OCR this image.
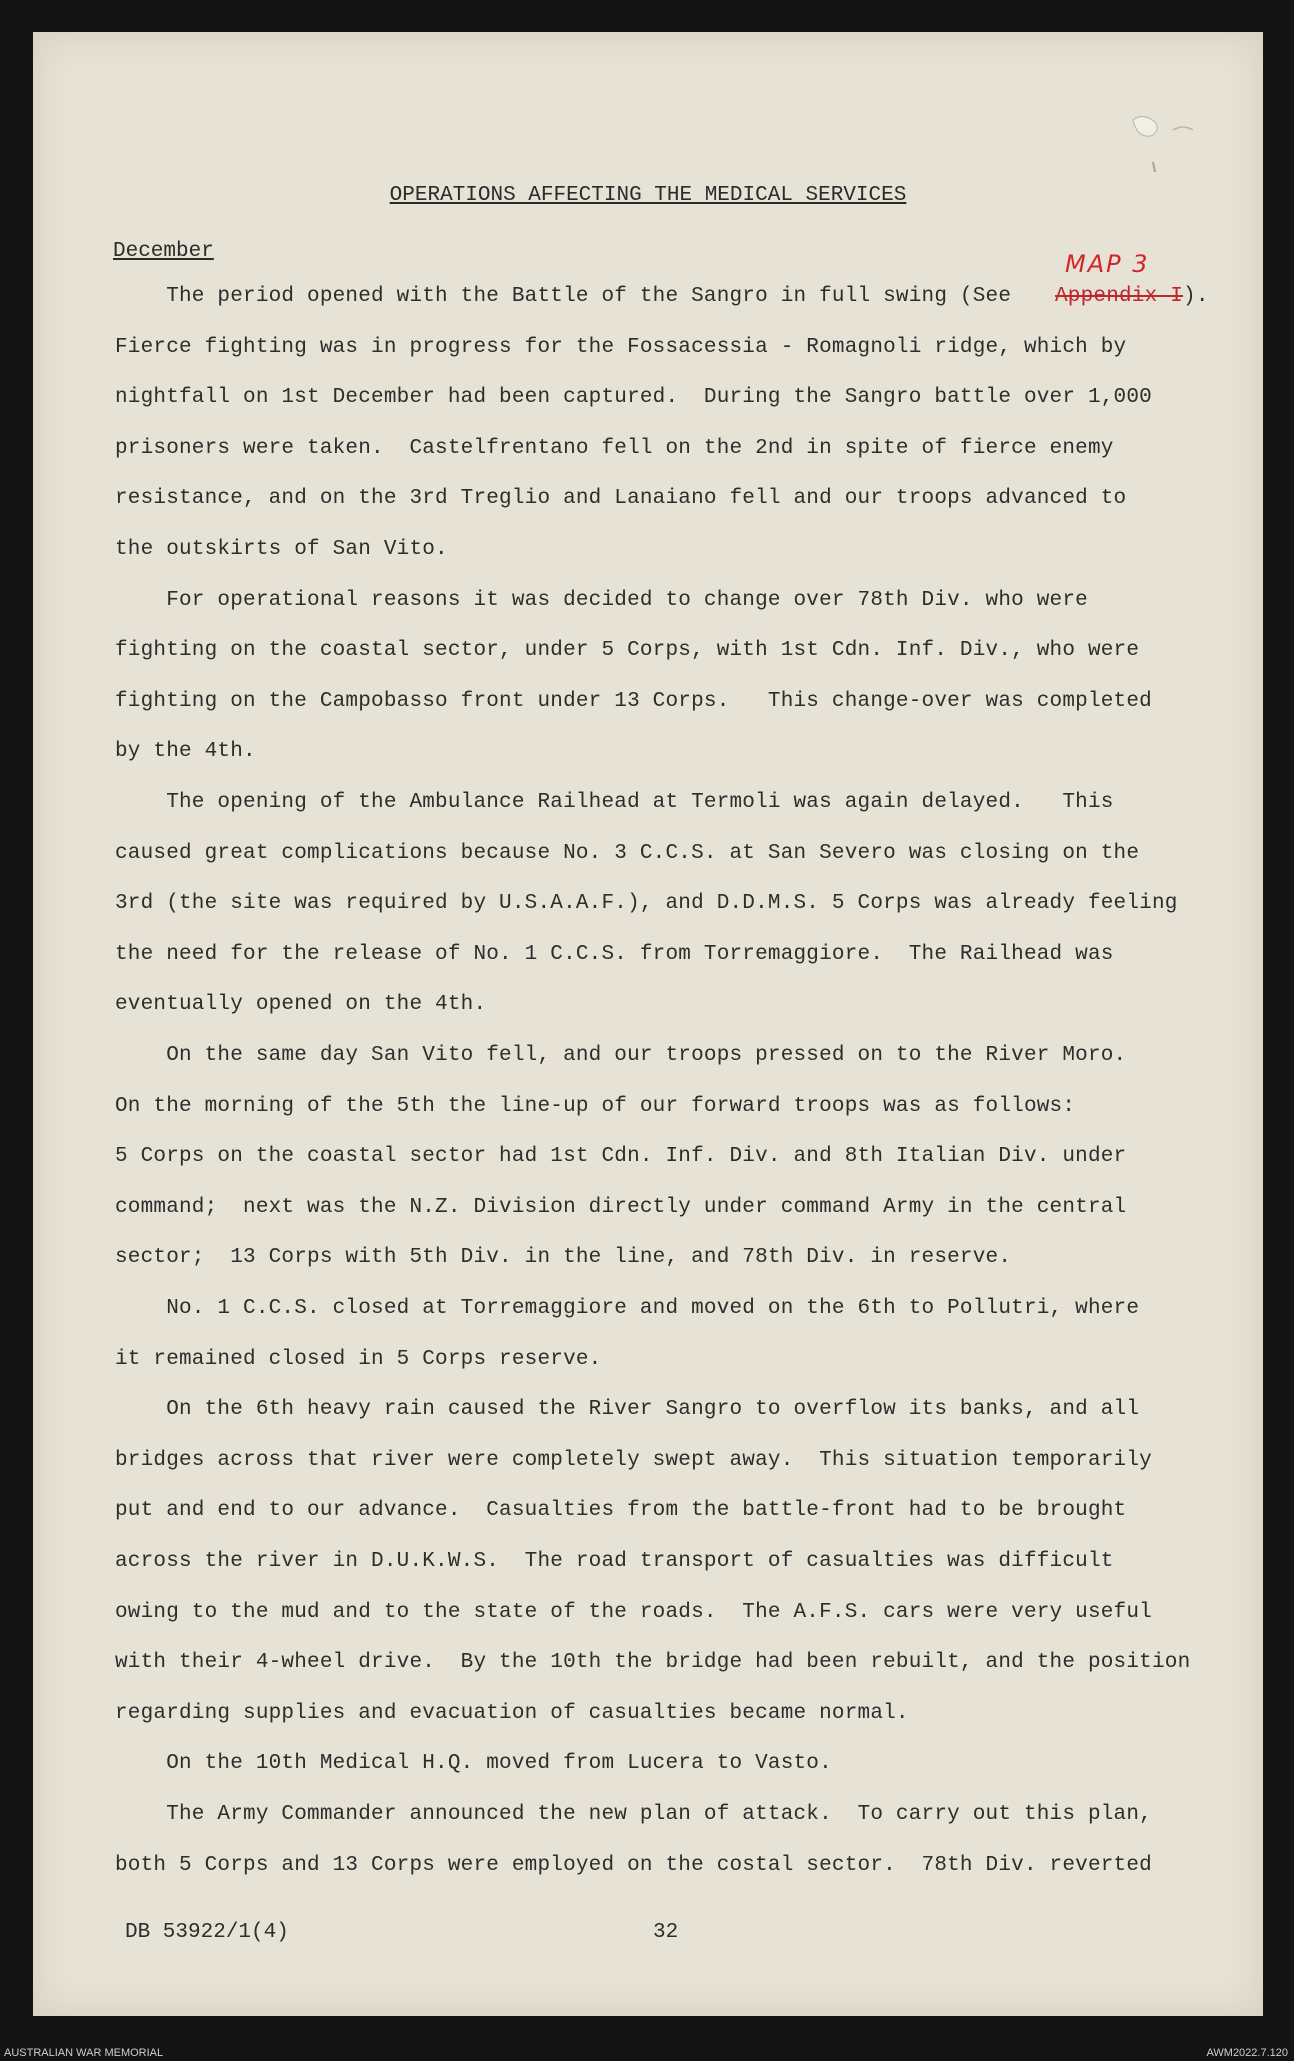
OPERATIONS AFFECTING THE MEDICAL SERVICES
December	MAP 3
The period opened with the Battle of the Sangro in full swing (See Appendix I).
Fierce fighting was in progress for the Fossacessia - Romagnoli ridge, which by
nightfall on 1st December had been captured.  During the Sangro battle over 1,000
prisoners were taken.  Castelfrentano fell on the 2nd in spite of fierce enemy
resistance, and on the 3rd Treglio and Lanaiano fell and our troops advanced to
the outskirts of San Vito.
For operational reasons it was decided to change over 78th Div. who were
fighting on the coastal sector, under 5 Corps, with 1st Cdn. Inf. Div., who were
fighting on the Campobasso front under 13 Corps.   This change-over was completed
by the 4th.
The opening of the Ambulance Railhead at Termoli was again delayed.   This
caused great complications because No. 3 C.C.S. at San Severo was closing on the
3rd (the site was required by U.S.A.A.F.), and D.D.M.S. 5 Corps was already feeling
the need for the release of No. 1 C.C.S. from Torremaggiore.  The Railhead was
eventually opened on the 4th.
On the same day San Vito fell, and our troops pressed on to the River Moro.
On the morning of the 5th the line-up of our forward troops was as follows:
5 Corps on the coastal sector had 1st Cdn. Inf. Div. and 8th Italian Div. under
command;  next was the N.Z. Division directly under command Army in the central
sector;  13 Corps with 5th Div. in the line, and 78th Div. in reserve.
No. 1 C.C.S. closed at Torremaggiore and moved on the 6th to Pollutri, where
it remained closed in 5 Corps reserve.
On the 6th heavy rain caused the River Sangro to overflow its banks, and all
bridges across that river were completely swept away.  This situation temporarily
put and end to our advance.  Casualties from the battle-front had to be brought
across the river in D.U.K.W.S.  The road transport of casualties was difficult
owing to the mud and to the state of the roads.  The A.F.S. cars were very useful
with their 4-wheel drive.  By the 10th the bridge had been rebuilt, and the position
regarding supplies and evacuation of casualties became normal.
On the 10th Medical H.Q. moved from Lucera to Vasto.
The Army Commander announced the new plan of attack.  To carry out this plan,
both 5 Corps and 13 Corps were employed on the costal sector.  78th Div. reverted
DB 53922/1(4)	32
AUSTRALIAN WAR MEMORIAL	AWM2022.7.120
